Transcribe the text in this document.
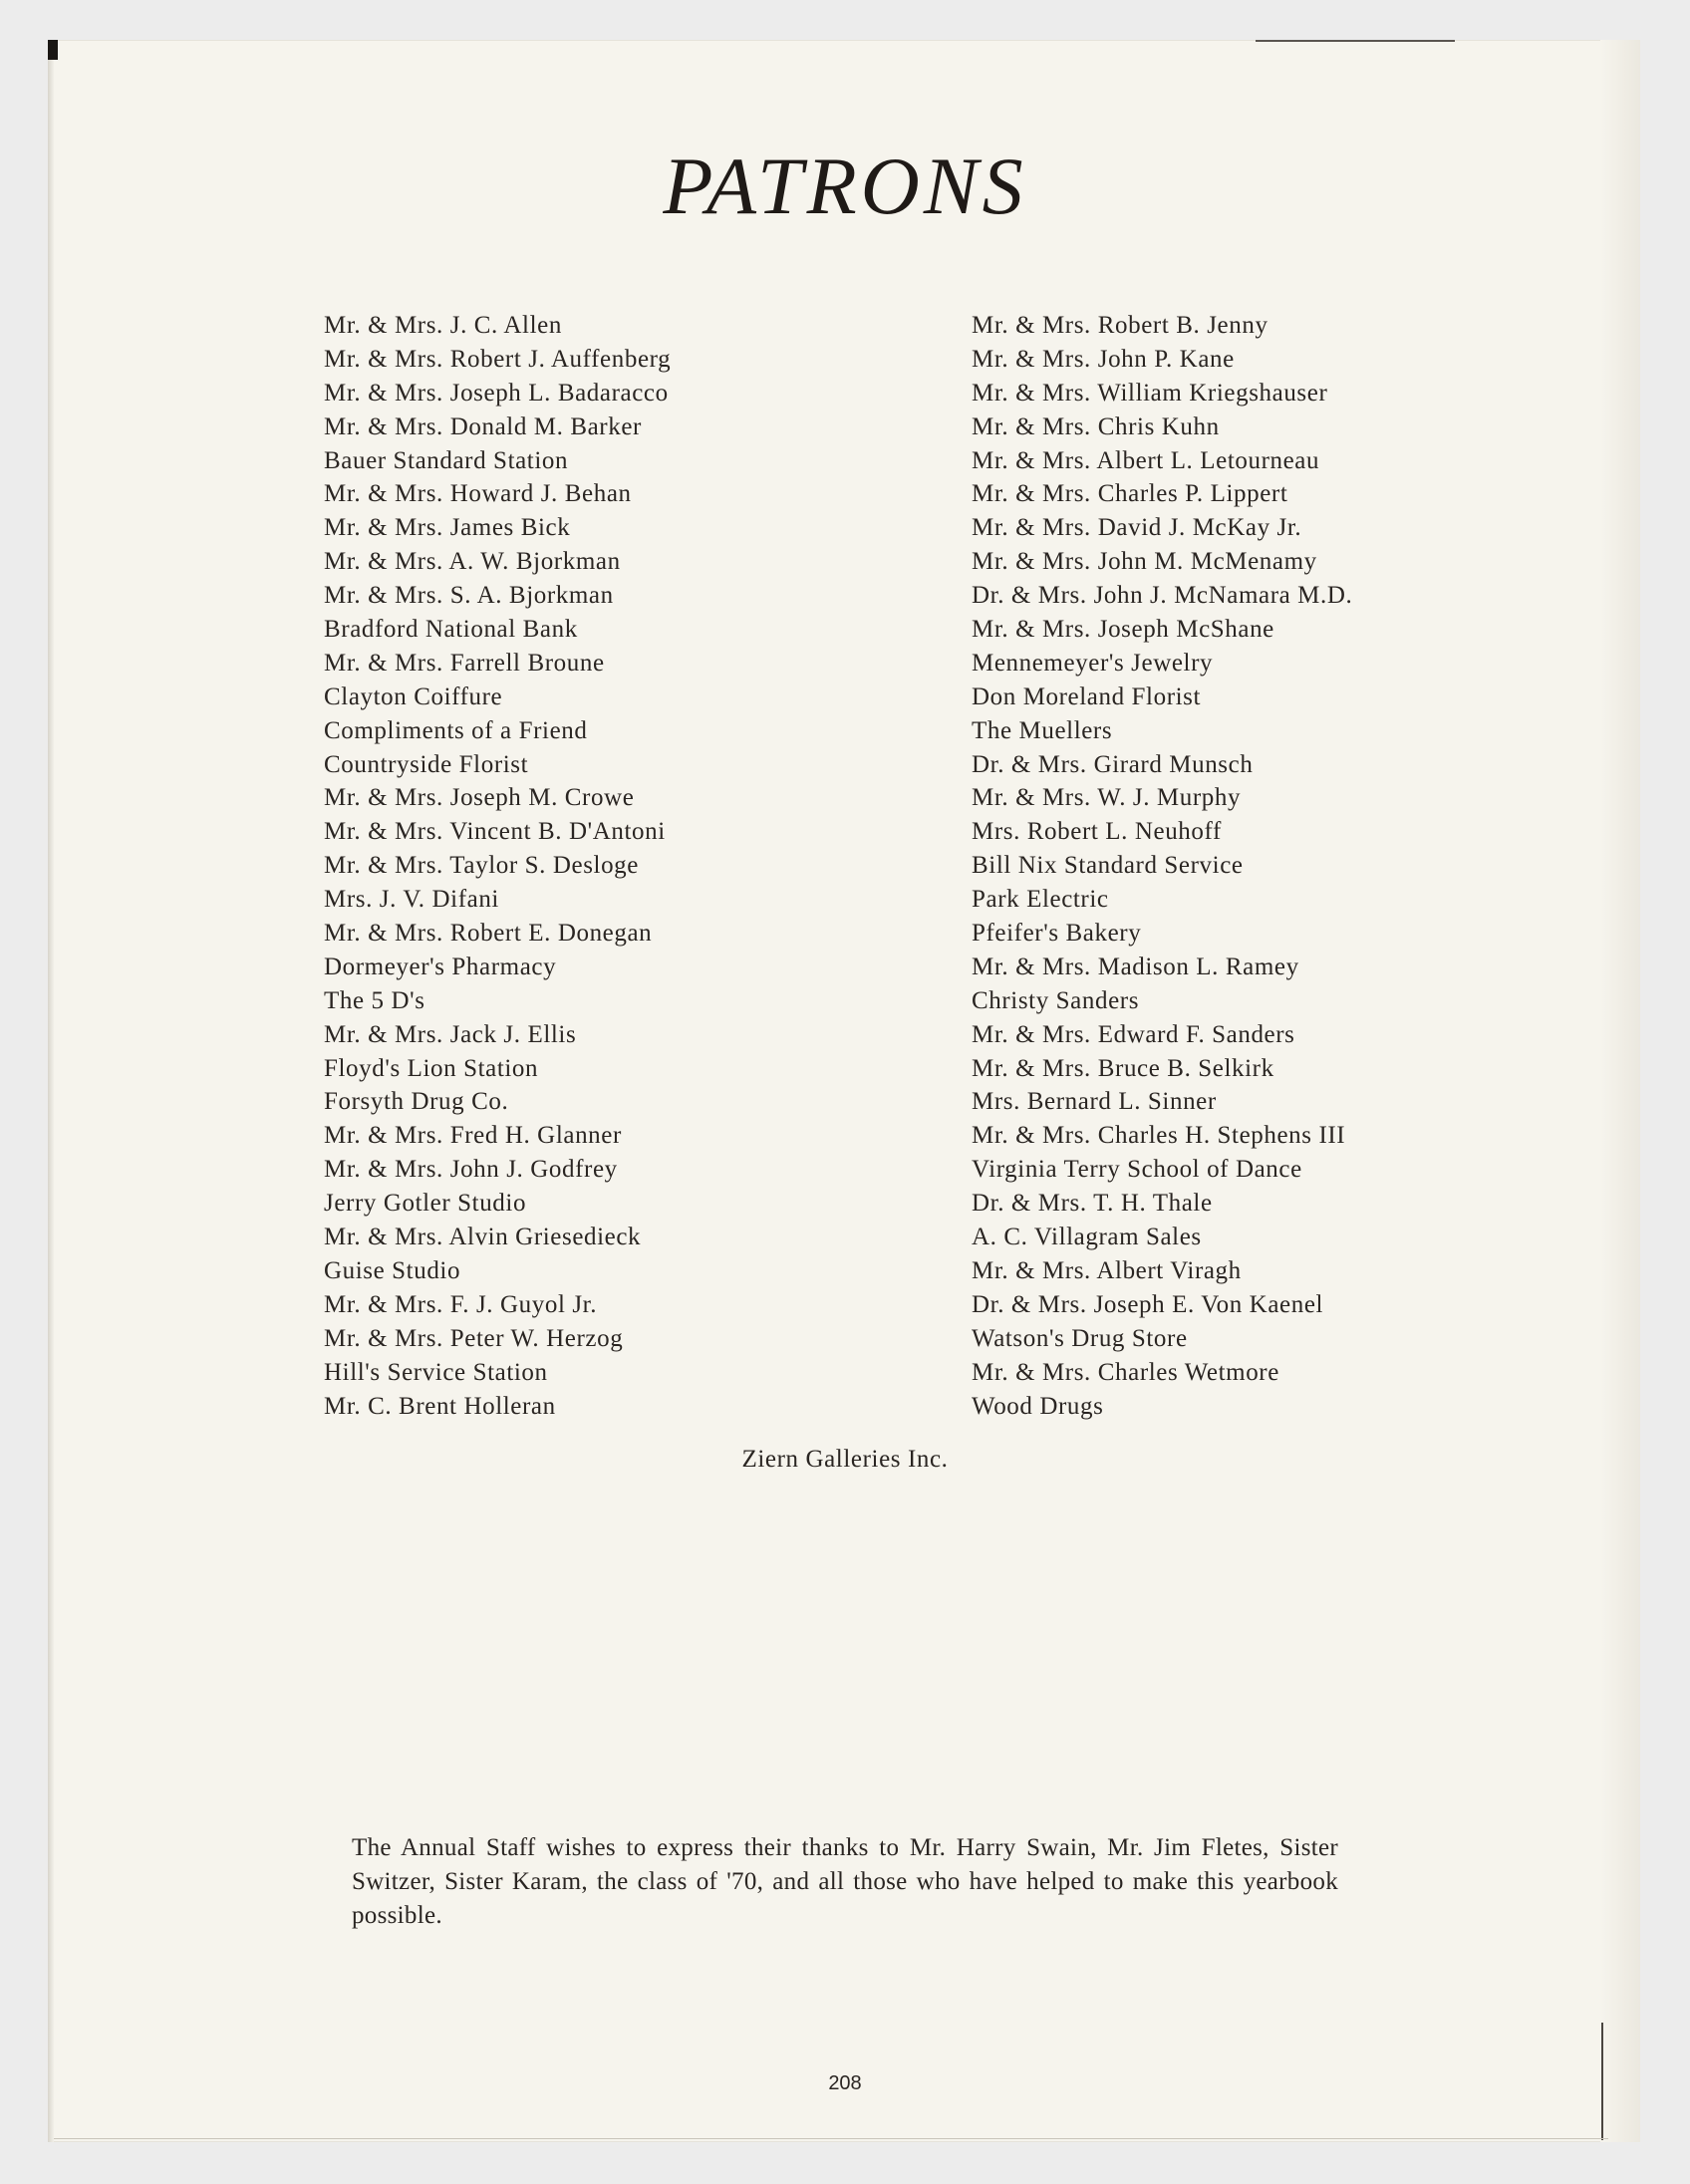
PATRONS
Mr. & Mrs. J. C. Allen
Mr. & Mrs. Robert J. Auffenberg
Mr. & Mrs. Joseph L. Badaracco
Mr. & Mrs. Donald M. Barker
Bauer Standard Station
Mr. & Mrs. Howard J. Behan
Mr. & Mrs. James Bick
Mr. & Mrs. A. W. Bjorkman
Mr. & Mrs. S. A. Bjorkman
Bradford National Bank
Mr. & Mrs. Farrell Broune
Clayton Coiffure
Compliments of a Friend
Countryside Florist
Mr. & Mrs. Joseph M. Crowe
Mr. & Mrs. Vincent B. D'Antoni
Mr. & Mrs. Taylor S. Desloge
Mrs. J. V. Difani
Mr. & Mrs. Robert E. Donegan
Dormeyer's Pharmacy
The 5 D's
Mr. & Mrs. Jack J. Ellis
Floyd's Lion Station
Forsyth Drug Co.
Mr. & Mrs. Fred H. Glanner
Mr. & Mrs. John J. Godfrey
Jerry Gotler Studio
Mr. & Mrs. Alvin Griesedieck
Guise Studio
Mr. & Mrs. F. J. Guyol Jr.
Mr. & Mrs. Peter W. Herzog
Hill's Service Station
Mr. C. Brent Holleran
Mr. & Mrs. Robert B. Jenny
Mr. & Mrs. John P. Kane
Mr. & Mrs. William Kriegshauser
Mr. & Mrs. Chris Kuhn
Mr. & Mrs. Albert L. Letourneau
Mr. & Mrs. Charles P. Lippert
Mr. & Mrs. David J. McKay Jr.
Mr. & Mrs. John M. McMenamy
Dr. & Mrs. John J. McNamara M.D.
Mr. & Mrs. Joseph McShane
Mennemeyer's Jewelry
Don Moreland Florist
The Muellers
Dr. & Mrs. Girard Munsch
Mr. & Mrs. W. J. Murphy
Mrs. Robert L. Neuhoff
Bill Nix Standard Service
Park Electric
Pfeifer's Bakery
Mr. & Mrs. Madison L. Ramey
Christy Sanders
Mr. & Mrs. Edward F. Sanders
Mr. & Mrs. Bruce B. Selkirk
Mrs. Bernard L. Sinner
Mr. & Mrs. Charles H. Stephens III
Virginia Terry School of Dance
Dr. & Mrs. T. H. Thale
A. C. Villagram Sales
Mr. & Mrs. Albert Viragh
Dr. & Mrs. Joseph E. Von Kaenel
Watson's Drug Store
Mr. & Mrs. Charles Wetmore
Wood Drugs
Ziern Galleries Inc.

The Annual Staff wishes to express their thanks to Mr. Harry Swain, Mr. Jim Fletes, Sister Switzer, Sister Karam, the class of '70, and all those who have helped to make this yearbook possible.

208
